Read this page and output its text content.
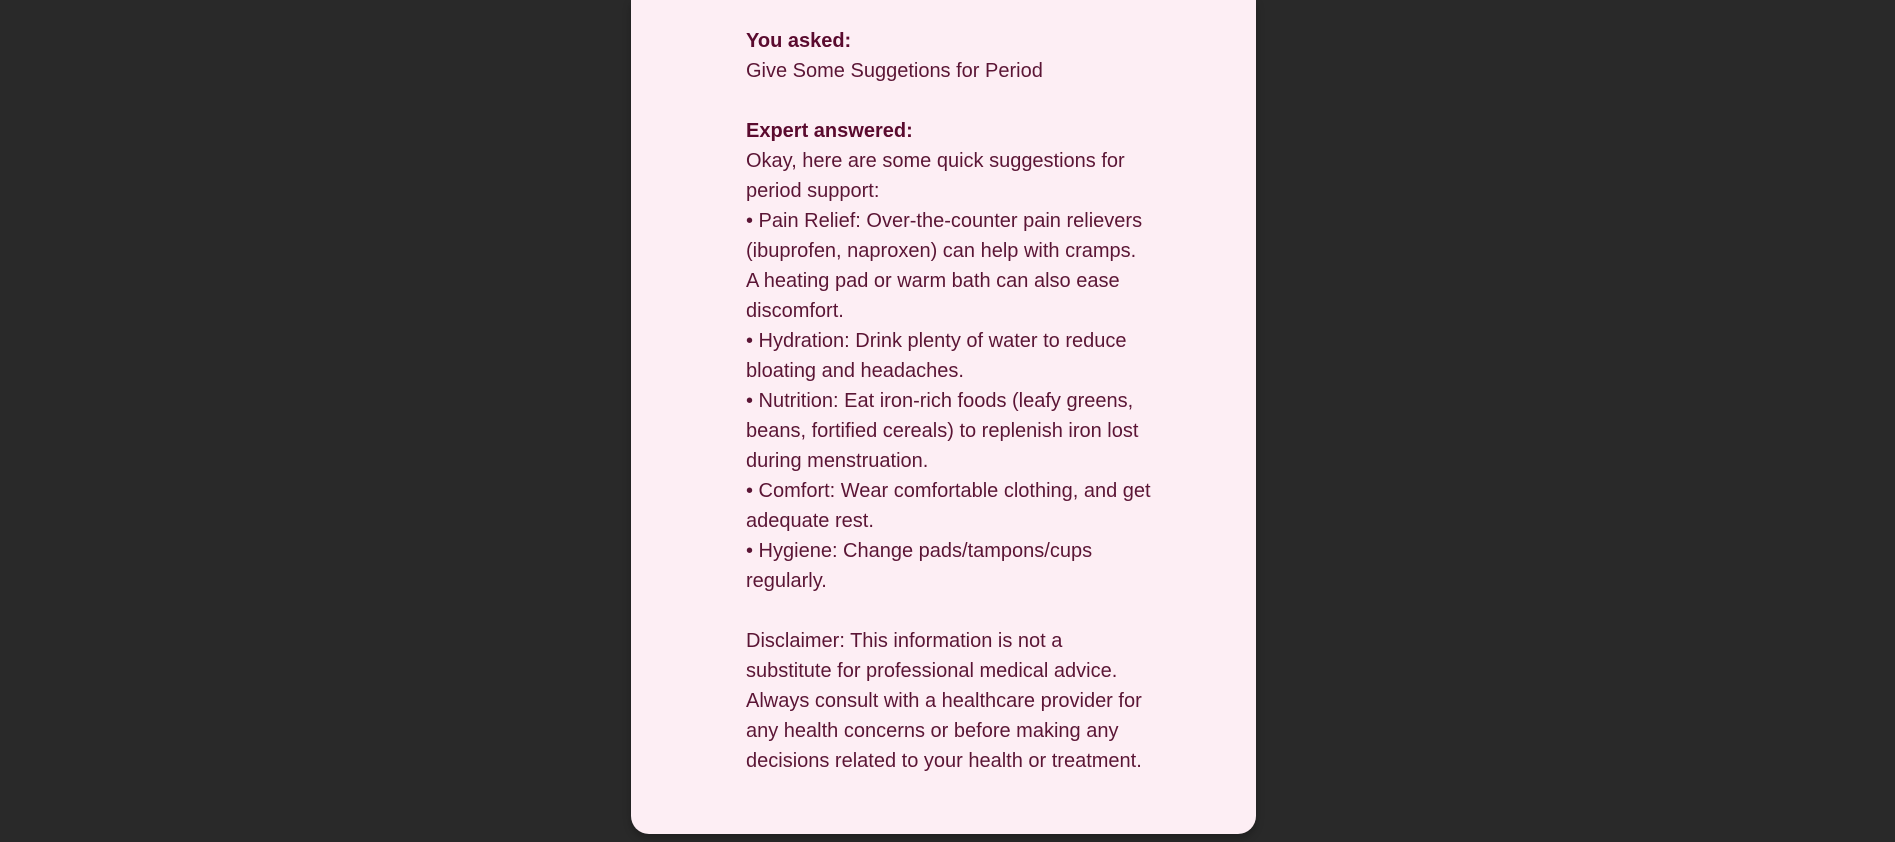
You asked:
Give Some Suggetions for Period
Expert answered:
Okay, here are some quick suggestions for period support:
• Pain Relief: Over-the-counter pain relievers (ibuprofen, naproxen) can help with cramps. A heating pad or warm bath can also ease discomfort.
• Hydration: Drink plenty of water to reduce bloating and headaches.
• Nutrition: Eat iron-rich foods (leafy greens, beans, fortified cereals) to replenish iron lost during menstruation.
• Comfort: Wear comfortable clothing, and get adequate rest.
• Hygiene: Change pads/tampons/cups regularly.
Disclaimer: This information is not a substitute for professional medical advice. Always consult with a healthcare provider for any health concerns or before making any decisions related to your health or treatment.
